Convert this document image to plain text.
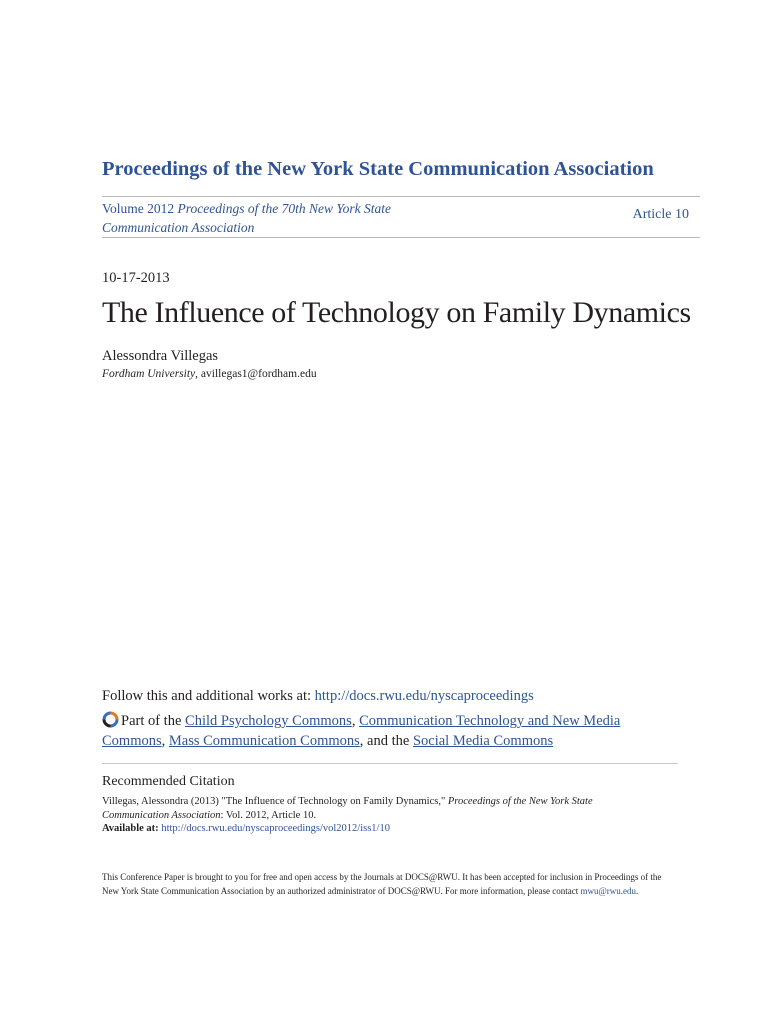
Proceedings of the New York State Communication Association
Volume 2012 Proceedings of the 70th New York State
Communication Association
Article 10
10-17-2013
The Influence of Technology on Family Dynamics
Alessondra Villegas
Fordham University, avillegas1@fordham.edu
Follow this and additional works at: http://docs.rwu.edu/nyscaproceedings
Part of the Child Psychology Commons, Communication Technology and New Media Commons, Mass Communication Commons, and the Social Media Commons
Recommended Citation
Villegas, Alessondra (2013) "The Influence of Technology on Family Dynamics," Proceedings of the New York State Communication Association: Vol. 2012, Article 10.
Available at: http://docs.rwu.edu/nyscaproceedings/vol2012/iss1/10
This Conference Paper is brought to you for free and open access by the Journals at DOCS@RWU. It has been accepted for inclusion in Proceedings of the New York State Communication Association by an authorized administrator of DOCS@RWU. For more information, please contact mwu@rwu.edu.
